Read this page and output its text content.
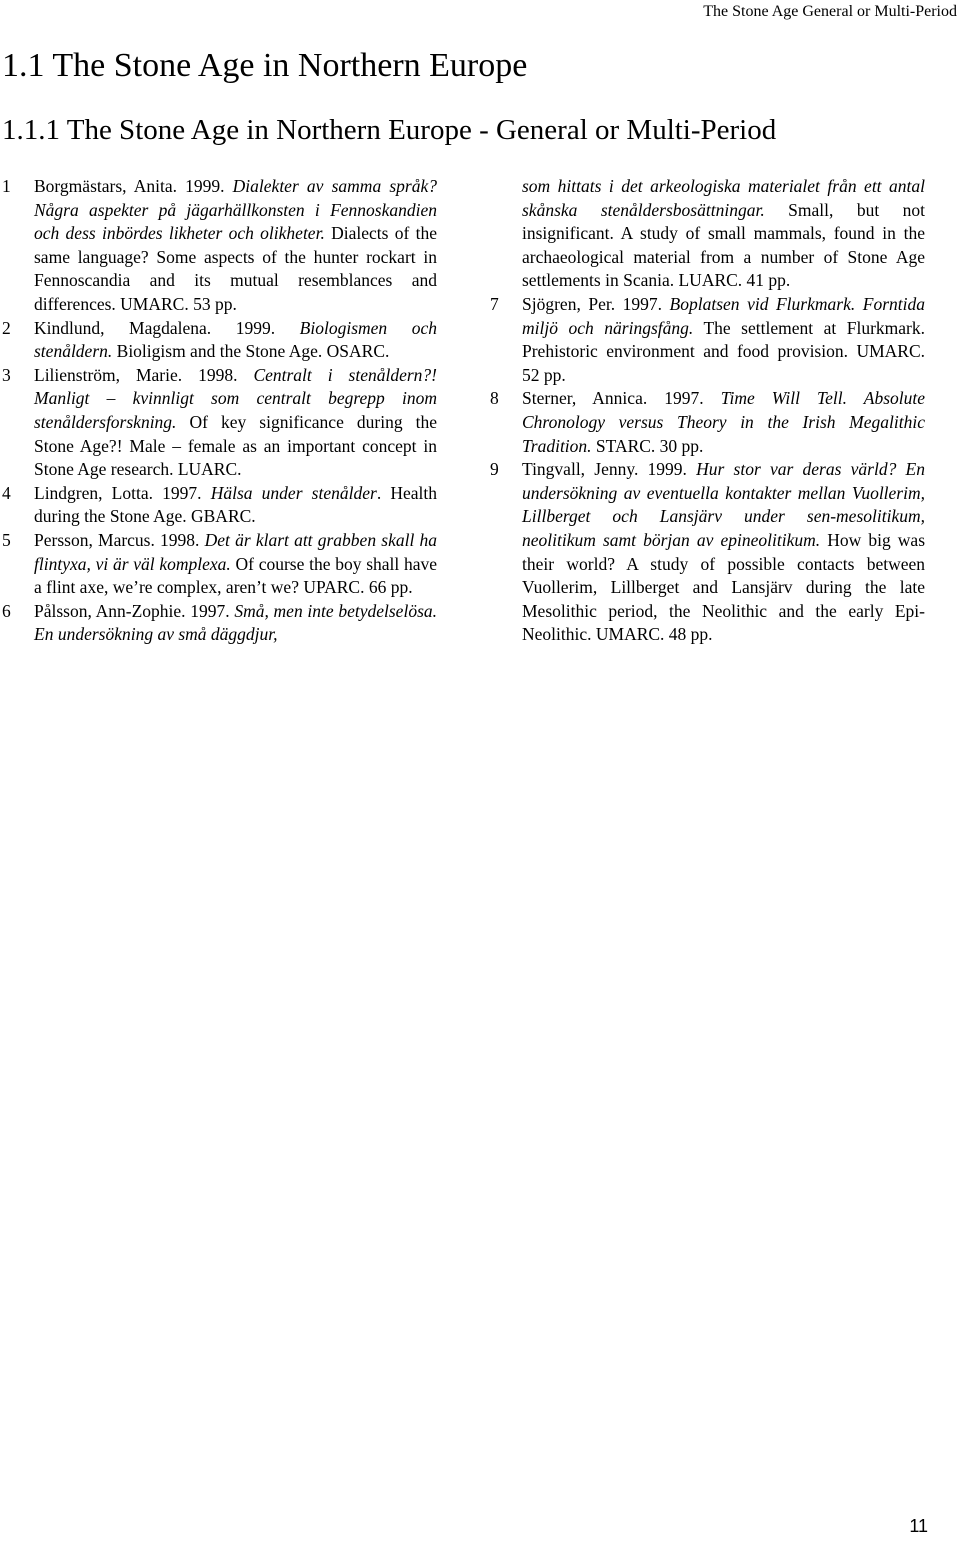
The Stone Age General or Multi-Period
1.1 The Stone Age in Northern Europe
1.1.1 The Stone Age in Northern Europe - General or Multi-Period
1 Borgmästars, Anita. 1999. Dialekter av samma språk? Några aspekter på jägarhällkonsten i Fennoskandien och dess inbördes likheter och olikheter. Dialects of the same language? Some aspects of the hunter rockart in Fennoscandia and its mutual resemblances and differences. UMARC. 53 pp.
2 Kindlund, Magdalena. 1999. Biologismen och stenåldern. Bioligism and the Stone Age. OSARC.
3 Lilienström, Marie. 1998. Centralt i stenåldern?! Manligt – kvinnligt som centralt begrepp inom stenåldersforskning. Of key significance during the Stone Age?! Male – female as an important concept in Stone Age research. LUARC.
4 Lindgren, Lotta. 1997. Hälsa under stenålder. Health during the Stone Age. GBARC.
5 Persson, Marcus. 1998. Det är klart att grabben skall ha flintyxa, vi är väl komplexa. Of course the boy shall have a flint axe, we’re complex, aren’t we? UPARC. 66 pp.
6 Pålsson, Ann-Zophie. 1997. Små, men inte betydelselösa. En undersökning av små däggdjur,
som hittats i det arkeologiska materialet från ett antal skånska stenåldersbosättningar. Small, but not insignificant. A study of small mammals, found in the archaeological material from a number of Stone Age settlements in Scania. LUARC. 41 pp.
7 Sjögren, Per. 1997. Boplatsen vid Flurkmark. Forntida miljö och näringsfång. The settlement at Flurkmark. Prehistoric environment and food provision. UMARC. 52 pp.
8 Sterner, Annica. 1997. Time Will Tell. Absolute Chronology versus Theory in the Irish Megalithic Tradition. STARC. 30 pp.
9 Tingvall, Jenny. 1999. Hur stor var deras värld? En undersökning av eventuella kontakter mellan Vuollerim, Lillberget och Lansjärv under sen-mesolitikum, neolitikum samt början av epineolitikum. How big was their world? A study of possible contacts between Vuollerim, Lillberget and Lansjärv during the late Mesolithic period, the Neolithic and the early Epi-Neolithic. UMARC. 48 pp.
11
